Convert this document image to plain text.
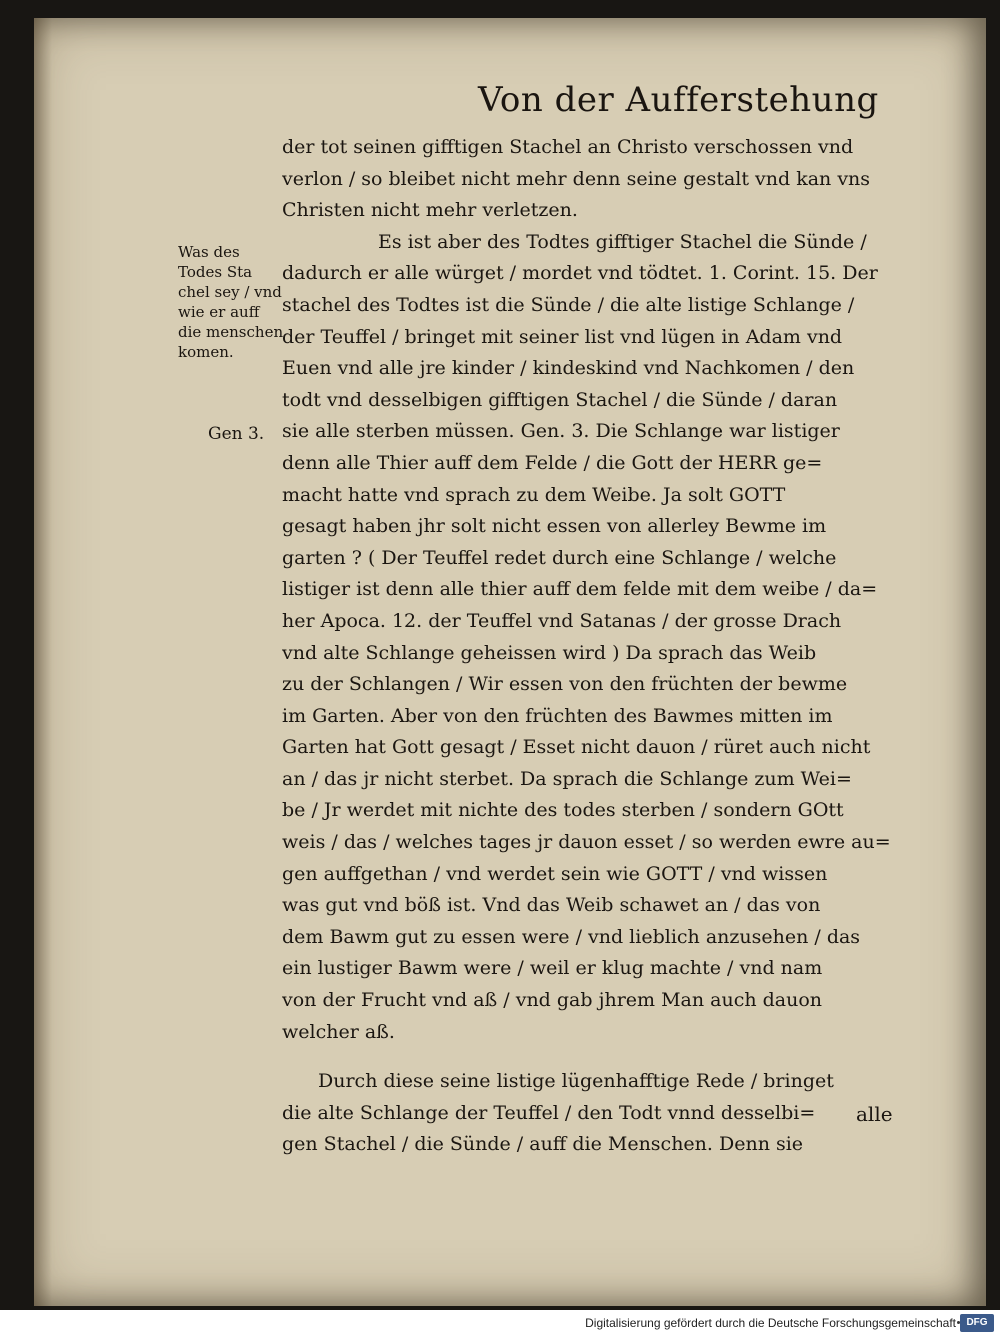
Von der Aufferstehung
Was des
Todes Sta
chel sey / vnd
wie er auff
die menschen
komen.
Gen 3.
der tot seinen gifftigen Stachel an Christo verschossen vnd
verlon / so bleibet nicht mehr denn seine gestalt vnd kan vns
Christen nicht mehr verletzen.
Es ist aber des Todtes gifftiger Stachel die Sünde /
dadurch er alle würget / mordet vnd tödtet. 1. Corint. 15. Der
stachel des Todtes ist die Sünde / die alte listige Schlange /
der Teuffel / bringet mit seiner list vnd lügen in Adam vnd
Euen vnd alle jre kinder / kindeskind vnd Nachkomen / den
todt vnd desselbigen gifftigen Stachel / die Sünde / daran
sie alle sterben müssen. Gen. 3. Die Schlange war listiger
denn alle Thier auff dem Felde / die Gott der HERR ge=
macht hatte vnd sprach zu dem Weibe. Ja solt GOTT
gesagt haben jhr solt nicht essen von allerley Bewme im
garten ? ( Der Teuffel redet durch eine Schlange / welche
listiger ist denn alle thier auff dem felde mit dem weibe / da=
her Apoca. 12. der Teuffel vnd Satanas / der grosse Drach
vnd alte Schlange geheissen wird ) Da sprach das Weib
zu der Schlangen / Wir essen von den früchten der bewme
im Garten. Aber von den früchten des Bawmes mitten im
Garten hat Gott gesagt / Esset nicht dauon / rüret auch nicht
an / das jr nicht sterbet. Da sprach die Schlange zum Wei=
be / Jr werdet mit nichte des todes sterben / sondern GOtt
weis / das / welches tages jr dauon esset / so werden ewre au=
gen auffgethan / vnd werdet sein wie GOTT / vnd wissen
was gut vnd böß ist. Vnd das Weib schawet an / das von
dem Bawm gut zu essen were / vnd lieblich anzusehen / das
ein lustiger Bawm were / weil er klug machte / vnd nam
von der Frucht vnd aß / vnd gab jhrem Man auch dauon
welcher aß.
Durch diese seine listige lügenhafftige Rede / bringet
die alte Schlange der Teuffel / den Todt vnnd desselbi=
gen Stachel / die Sünde / auff die Menschen. Denn sie
alle
Digitalisierung gefördert durch die Deutsche Forschungsgemeinschaft	DFG
